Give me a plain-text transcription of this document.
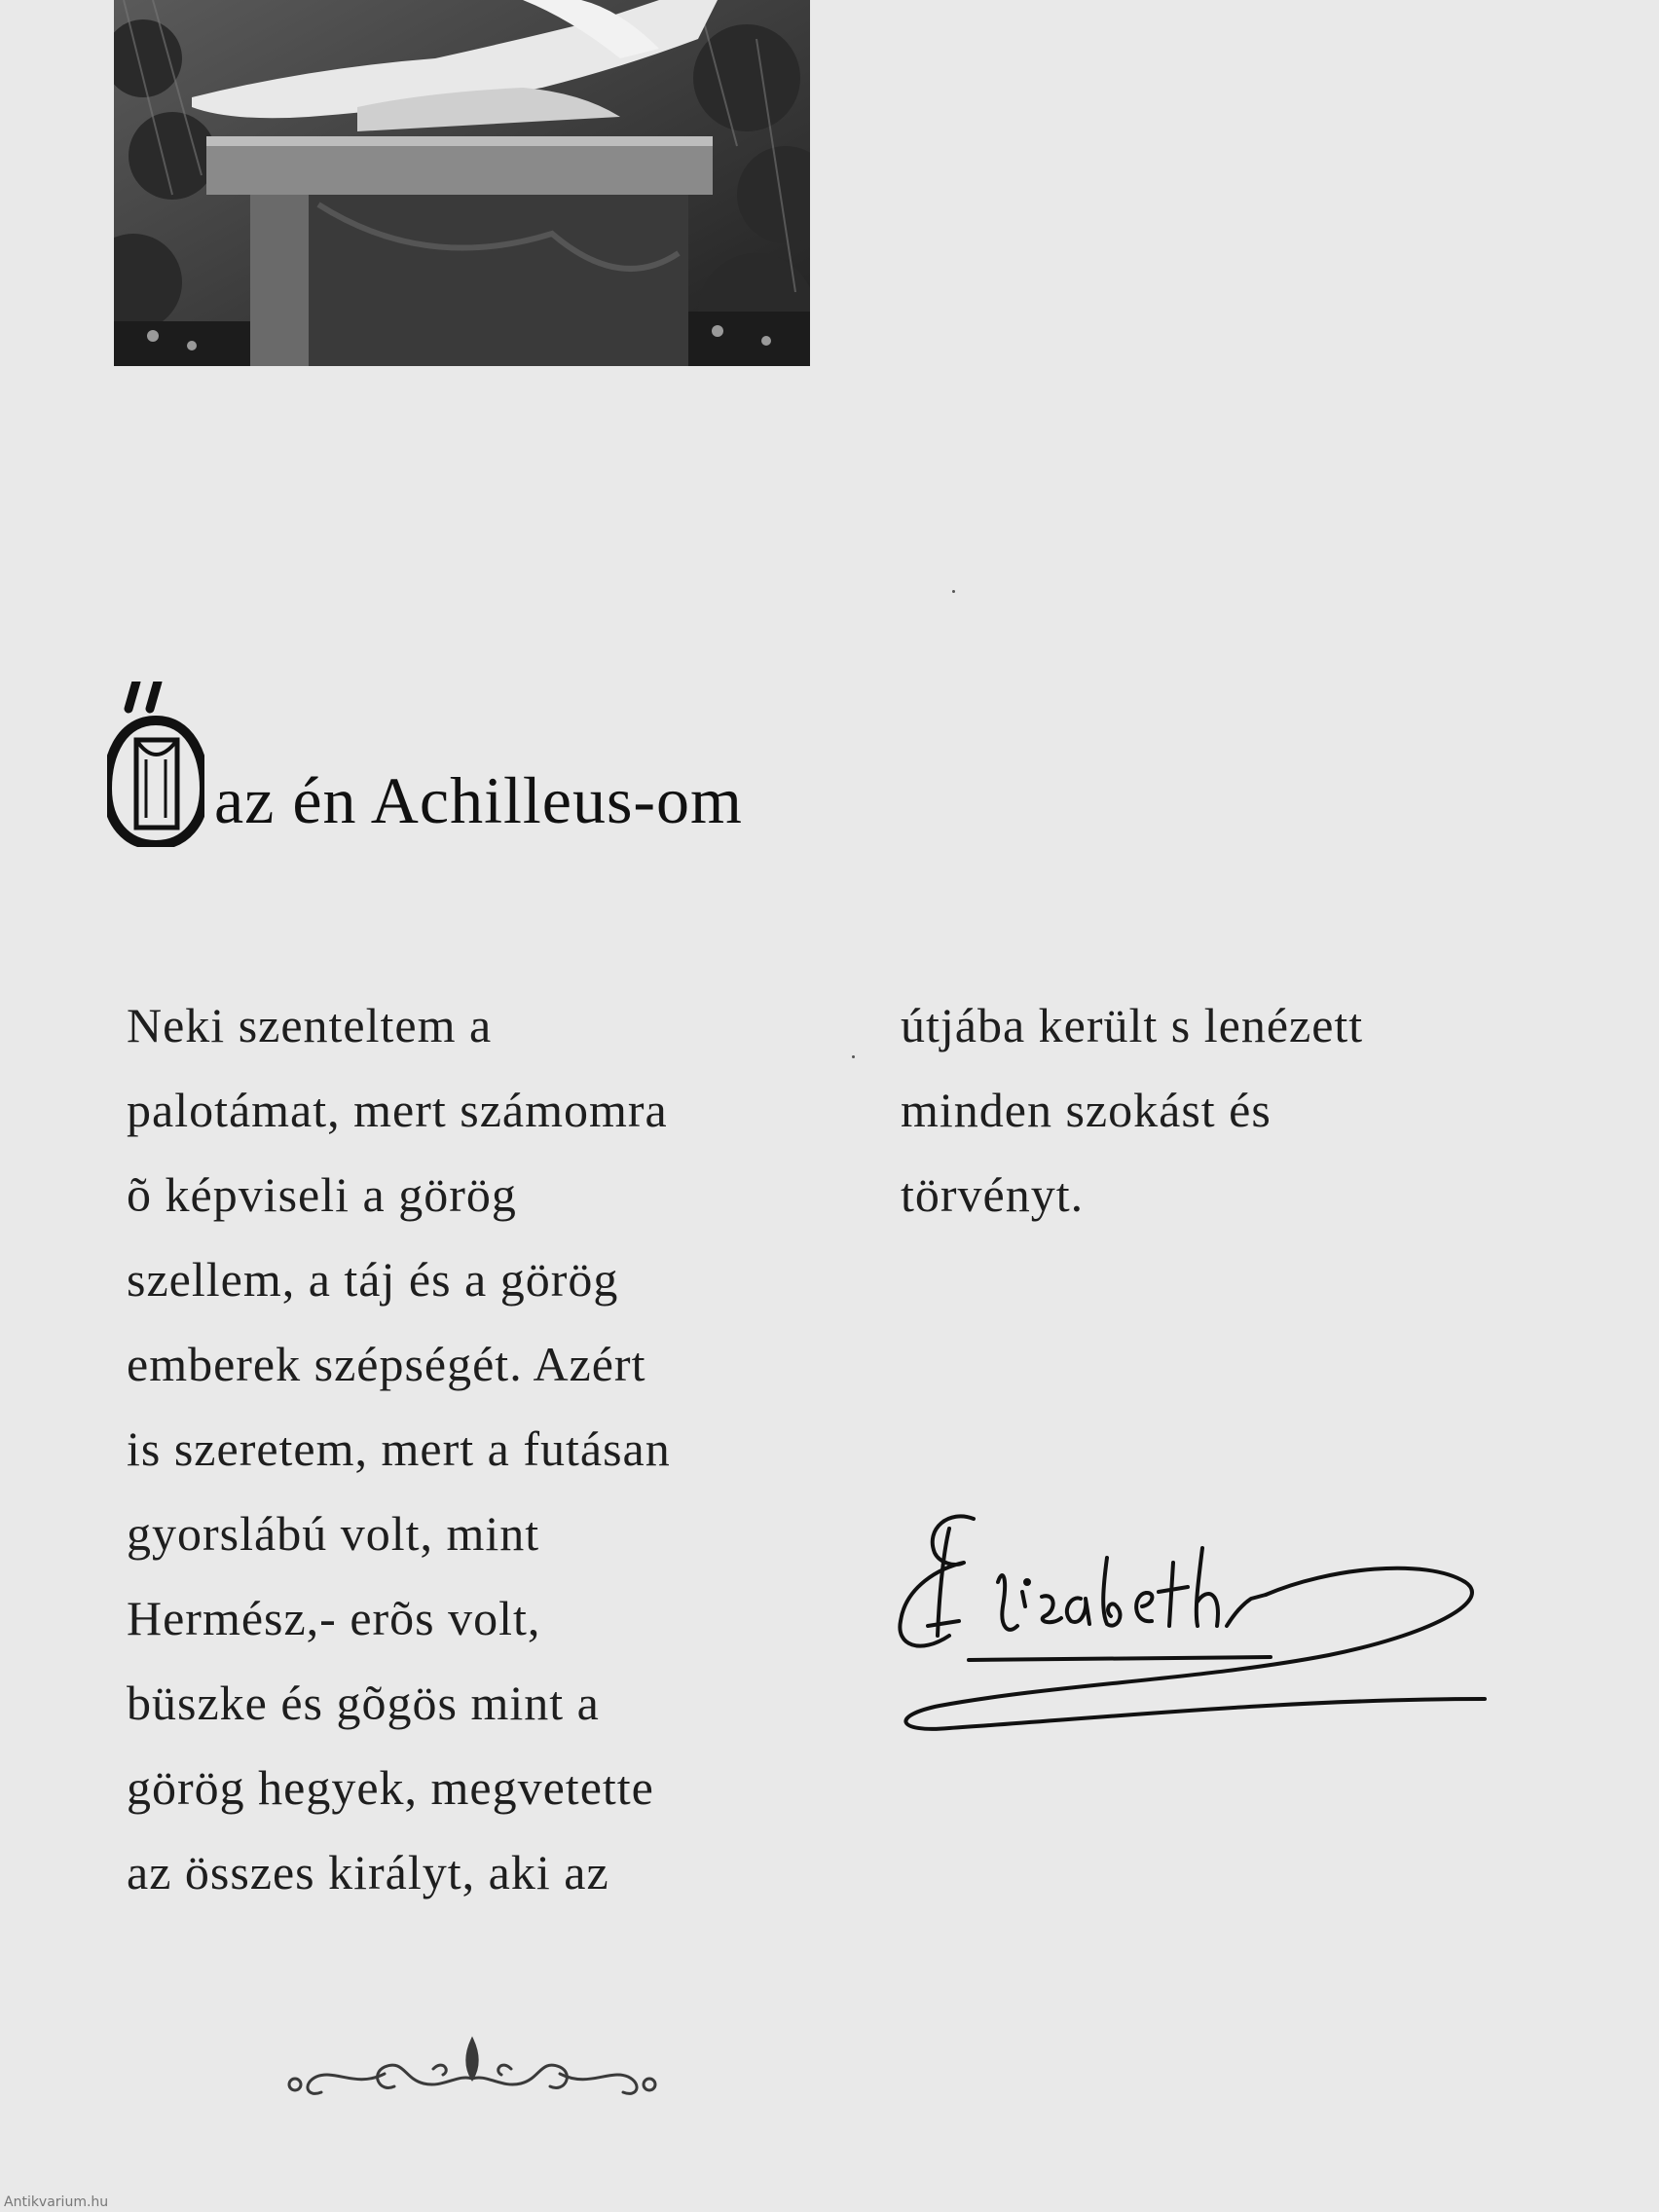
az én Achilleus-om
Neki szenteltem a
palotámat, mert számomra
õ képviseli a görög
szellem, a táj és a görög
emberek szépségét. Azért
is szeretem, mert a futásan
gyorslábú volt, mint
Hermész,- erõs volt,
büszke és gõgös mint a
görög hegyek, megvetette
az összes királyt, aki az
útjába került s lenézett
minden szokást és
törvényt.
Antikvarium.hu
